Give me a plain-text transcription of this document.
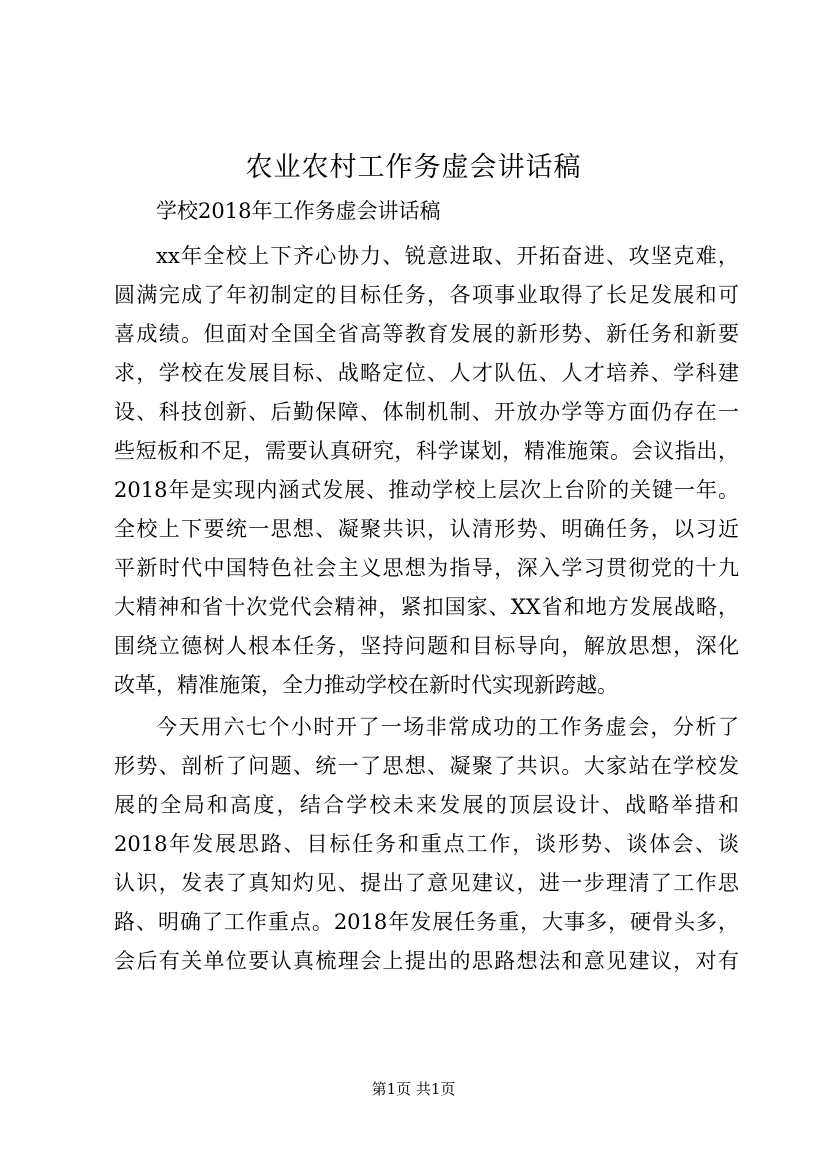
农业农村工作务虚会讲话稿
学校2018年工作务虚会讲话稿
xx年全校上下齐心协力、锐意进取、开拓奋进、攻坚克难，
圆满完成了年初制定的目标任务，各项事业取得了长足发展和可
喜成绩。但面对全国全省高等教育发展的新形势、新任务和新要
求，学校在发展目标、战略定位、人才队伍、人才培养、学科建
设、科技创新、后勤保障、体制机制、开放办学等方面仍存在一
些短板和不足，需要认真研究，科学谋划，精准施策。会议指出，
2018年是实现内涵式发展、推动学校上层次上台阶的关键一年。
全校上下要统一思想、凝聚共识，认清形势、明确任务，以习近
平新时代中国特色社会主义思想为指导，深入学习贯彻党的十九
大精神和省十次党代会精神，紧扣国家、XX省和地方发展战略，
围绕立德树人根本任务，坚持问题和目标导向，解放思想，深化
改革，精准施策，全力推动学校在新时代实现新跨越。
今天用六七个小时开了一场非常成功的工作务虚会，分析了
形势、剖析了问题、统一了思想、凝聚了共识。大家站在学校发
展的全局和高度，结合学校未来发展的顶层设计、战略举措和
2018年发展思路、目标任务和重点工作，谈形势、谈体会、谈
认识，发表了真知灼见、提出了意见建议，进一步理清了工作思
路、明确了工作重点。2018年发展任务重，大事多，硬骨头多，
会后有关单位要认真梳理会上提出的思路想法和意见建议，对有
第1页 共1页
